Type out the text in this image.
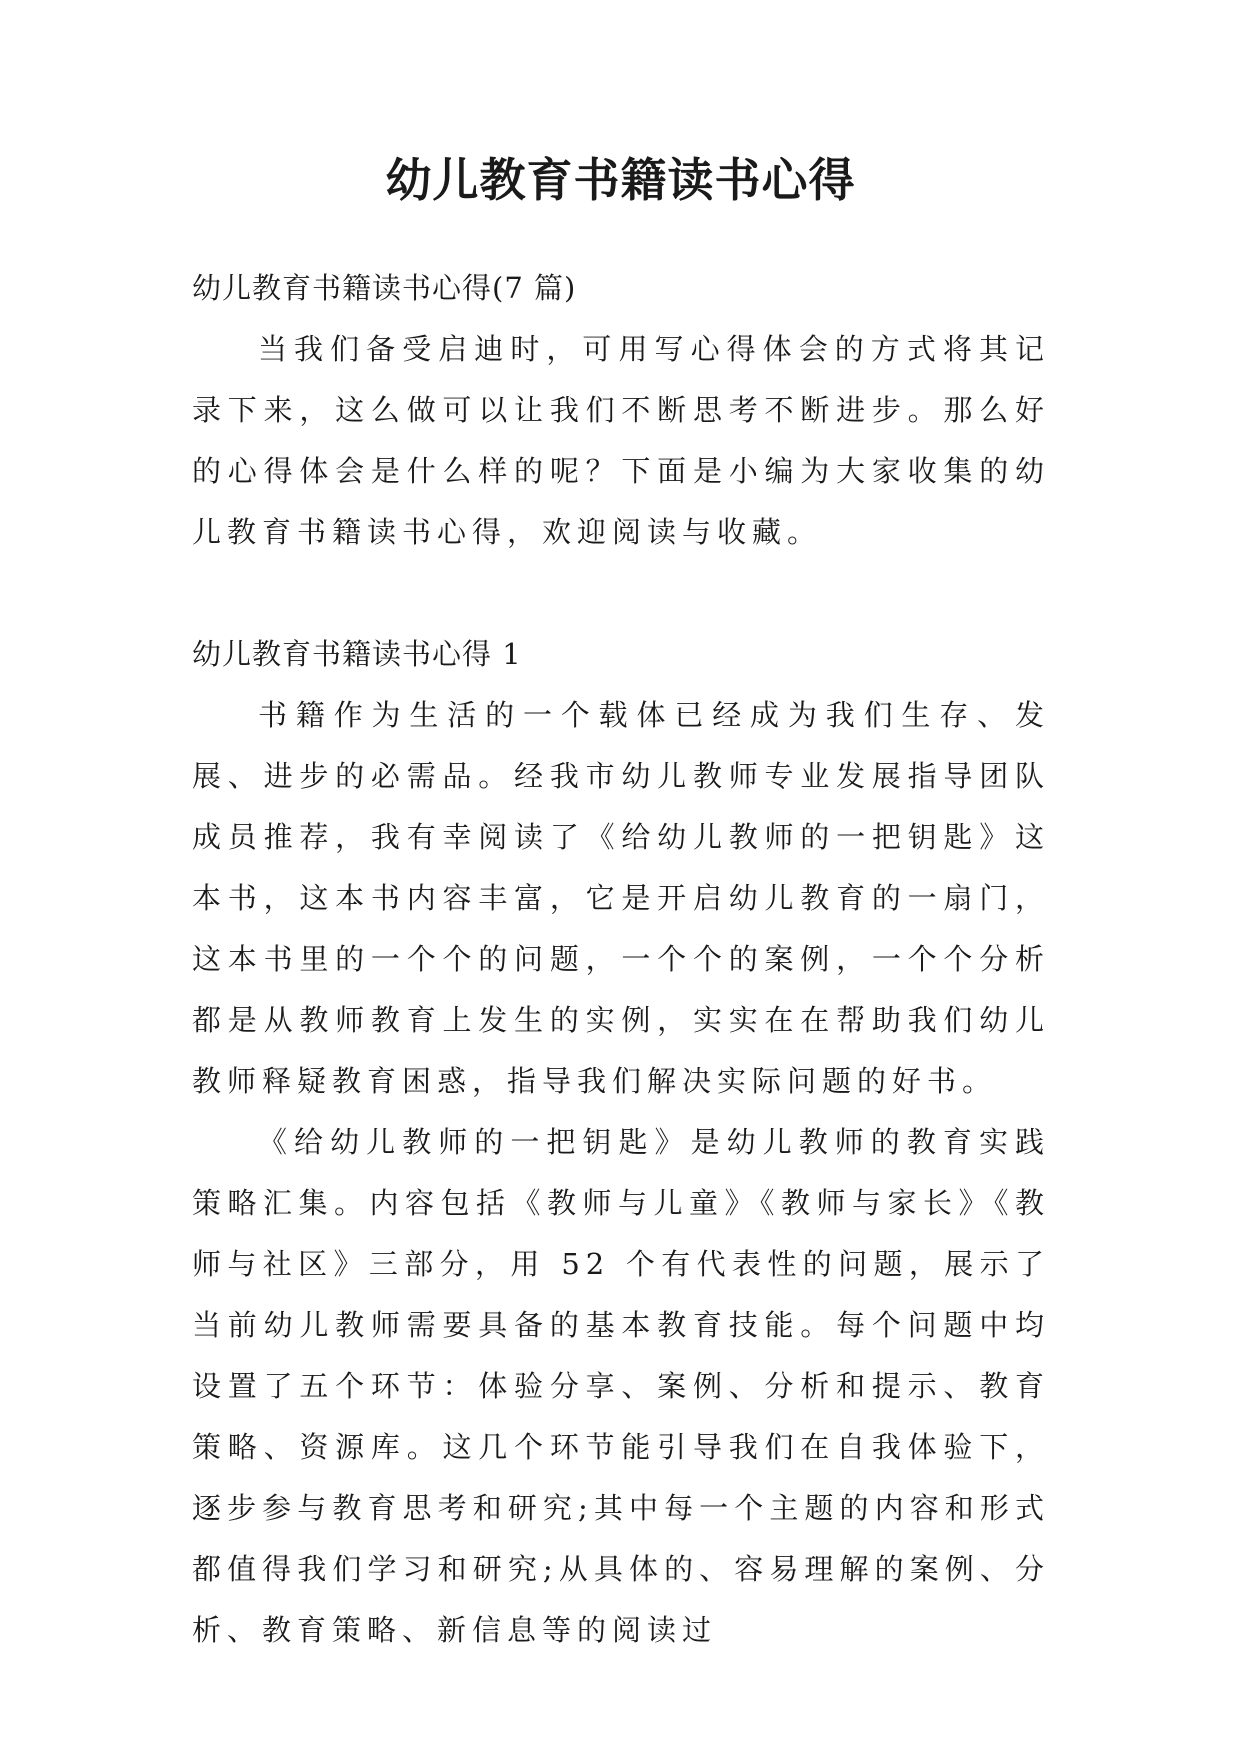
幼儿教育书籍读书心得

幼儿教育书籍读书心得(7 篇)

当我们备受启迪时，可用写心得体会的方式将其记录下来，这么做可以让我们不断思考不断进步。那么好的心得体会是什么样的呢？下面是小编为大家收集的幼儿教育书籍读书心得，欢迎阅读与收藏。

幼儿教育书籍读书心得 1

书籍作为生活的一个载体已经成为我们生存、发展、进步的必需品。经我市幼儿教师专业发展指导团队成员推荐，我有幸阅读了《给幼儿教师的一把钥匙》这本书，这本书内容丰富，它是开启幼儿教育的一扇门，这本书里的一个个的问题，一个个的案例，一个个分析都是从教师教育上发生的实例，实实在在帮助我们幼儿教师释疑教育困惑，指导我们解决实际问题的好书。

《给幼儿教师的一把钥匙》是幼儿教师的教育实践策略汇集。内容包括《教师与儿童》《教师与家长》《教师与社区》三部分，用 52 个有代表性的问题，展示了当前幼儿教师需要具备的基本教育技能。每个问题中均设置了五个环节：体验分享、案例、分析和提示、教育策略、资源库。这几个环节能引导我们在自我体验下，逐步参与教育思考和研究;其中每一个主题的内容和形式都值得我们学习和研究;从具体的、容易理解的案例、分析、教育策略、新信息等的阅读过
